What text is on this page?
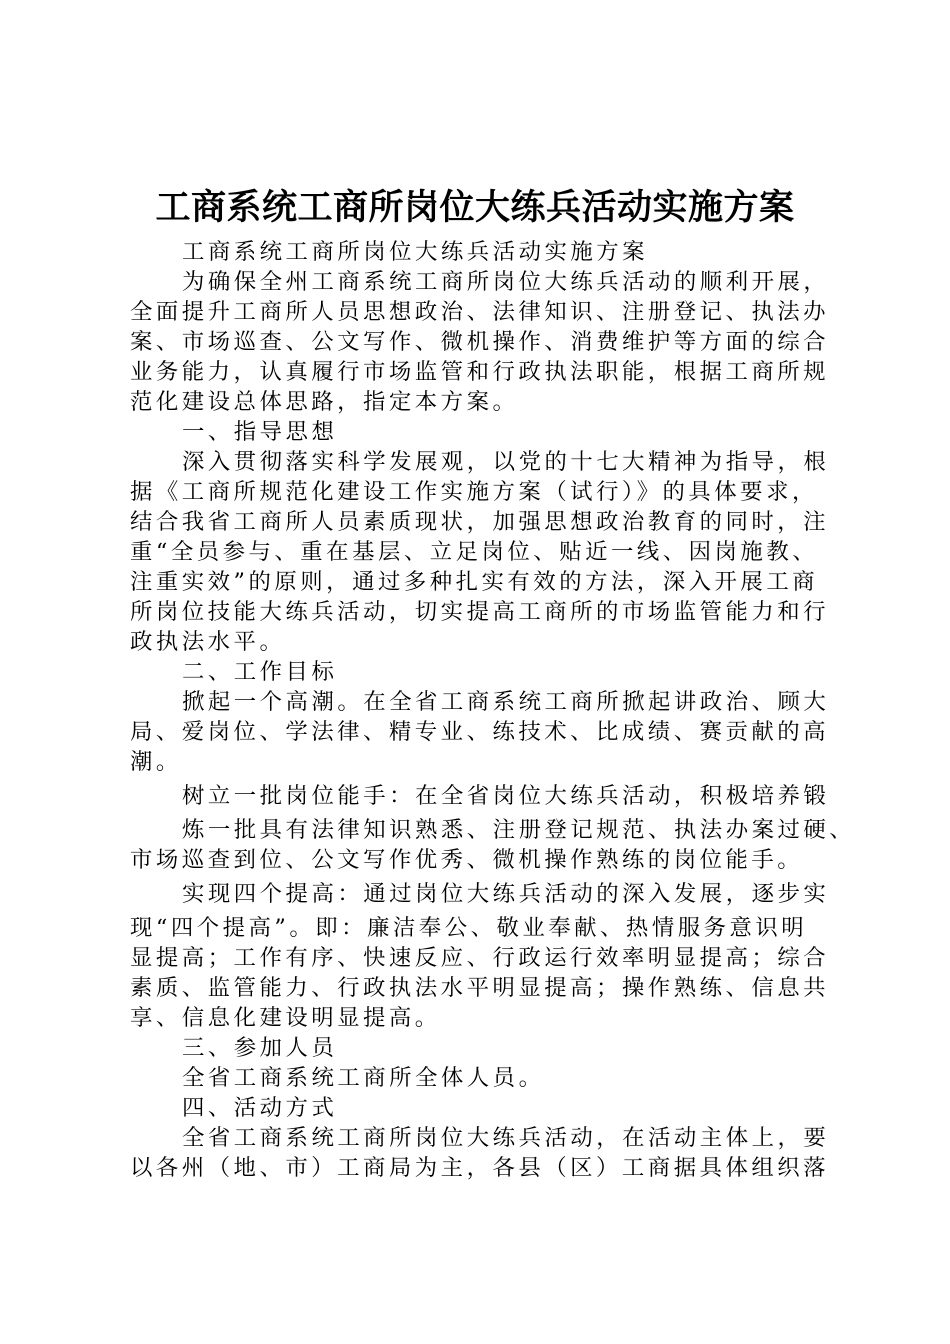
工商系统工商所岗位大练兵活动实施方案
工商系统工商所岗位大练兵活动实施方案
为确保全州工商系统工商所岗位大练兵活动的顺利开展，
全面提升工商所人员思想政治、法律知识、注册登记、执法办
案、市场巡查、公文写作、微机操作、消费维护等方面的综合
业务能力，认真履行市场监管和行政执法职能，根据工商所规
范化建设总体思路，指定本方案。
一、指导思想
深入贯彻落实科学发展观，以党的十七大精神为指导，根
据《工商所规范化建设工作实施方案（试行）》的具体要求，
结合我省工商所人员素质现状，加强思想政治教育的同时，注
重“全员参与、重在基层、立足岗位、贴近一线、因岗施教、
注重实效”的原则，通过多种扎实有效的方法，深入开展工商
所岗位技能大练兵活动，切实提高工商所的市场监管能力和行
政执法水平。
二、工作目标
掀起一个高潮。在全省工商系统工商所掀起讲政治、顾大
局、爱岗位、学法律、精专业、练技术、比成绩、赛贡献的高
潮。
树立一批岗位能手：在全省岗位大练兵活动，积极培养锻
炼一批具有法律知识熟悉、注册登记规范、执法办案过硬、
市场巡查到位、公文写作优秀、微机操作熟练的岗位能手。
实现四个提高：通过岗位大练兵活动的深入发展，逐步实
现“四个提高”。即：廉洁奉公、敬业奉献、热情服务意识明
显提高；工作有序、快速反应、行政运行效率明显提高；综合
素质、监管能力、行政执法水平明显提高；操作熟练、信息共
享、信息化建设明显提高。
三、参加人员
全省工商系统工商所全体人员。
四、活动方式
全省工商系统工商所岗位大练兵活动，在活动主体上，要
以各州（地、市）工商局为主，各县（区）工商据具体组织落
